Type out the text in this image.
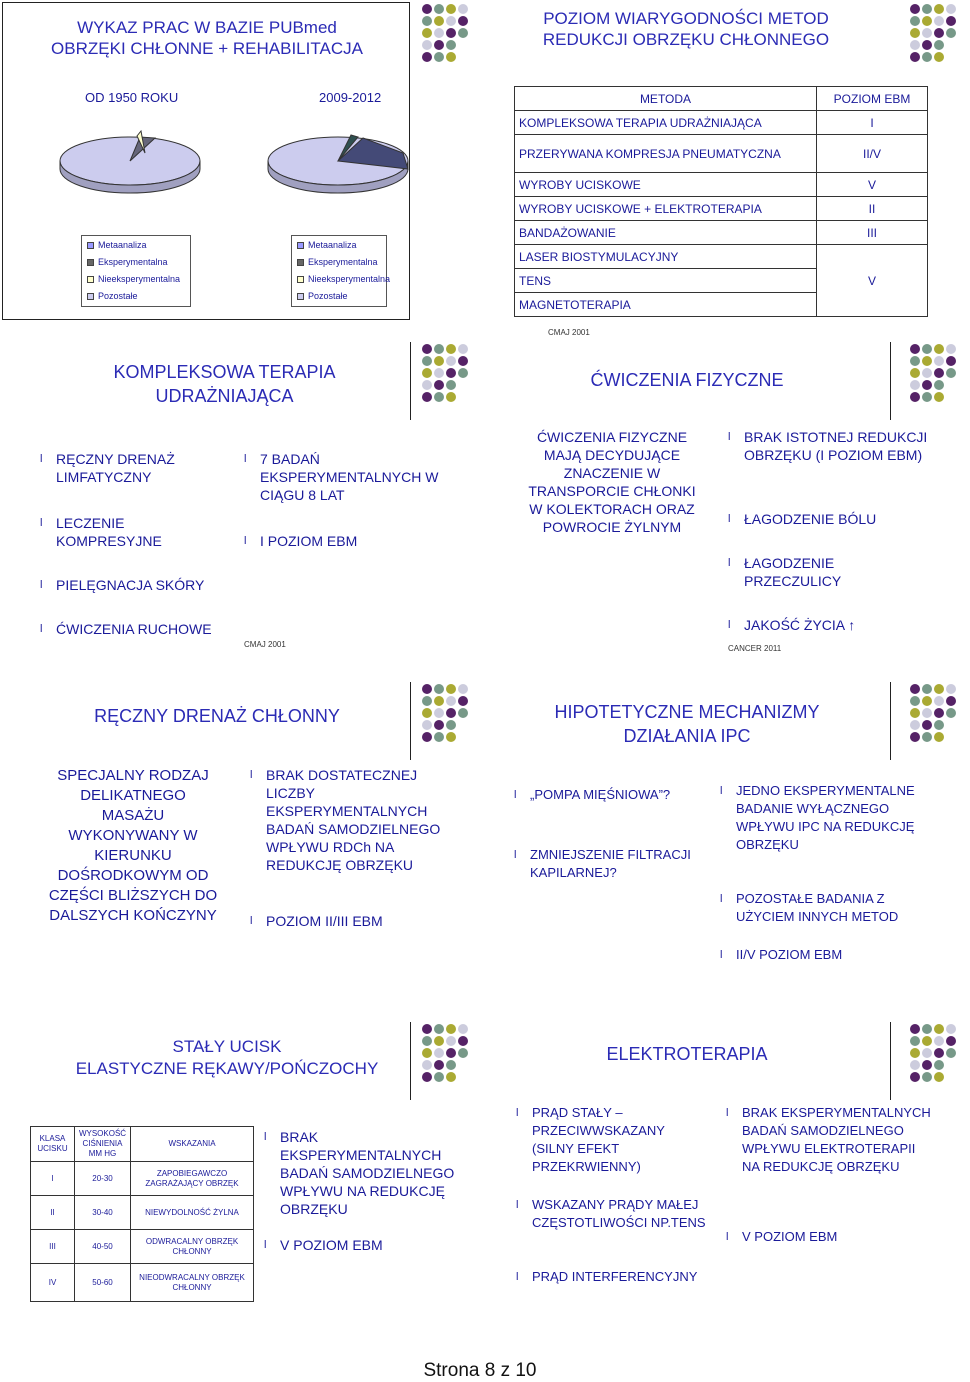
WYKAZ PRAC W BAZIE PUBmed
OBRZĘKI CHŁONNE + REHABILITACJA
OD 1950 ROKU	2009-2012
Metaanaliza
Eksperymentalna
Nieeksperymentalna
Pozostałe
Metaanaliza
Eksperymentalna
Nieeksperymentalna
Pozostałe
POZIOM WIARYGODNOŚCI METOD
REDUKCJI OBRZĘKU CHŁONNEGO
METODA	POZIOM EBM
KOMPLEKSOWA TERAPIA UDRAŻNIAJĄCA	I
PRZERYWANA KOMPRESJA PNEUMATYCZNA	II/V
WYROBY UCISKOWE	V
WYROBY UCISKOWE + ELEKTROTERAPIA	II
BANDAŻOWANIE	III
LASER BIOSTYMULACYJNY	V
TENS	
MAGNETOTERAPIA	
CMAJ 2001
KOMPLEKSOWA TERAPIA
UDRAŻNIAJĄCA
l RĘCZNY DRENAŻ LIMFATYCZNY
l LECZENIE KOMPRESYJNE
l PIELĘGNACJA SKÓRY
l ĆWICZENIA RUCHOWE
l 7 BADAŃ EKSPERYMENTALNYCH W CIĄGU 8 LAT
l I POZIOM EBM
CMAJ 2001
ĆWICZENIA FIZYCZNE
ĆWICZENIA FIZYCZNE MAJĄ DECYDUJĄCE ZNACZENIE W TRANSPORCIE CHŁONKI W KOLEKTORACH ORAZ POWROCIE ŻYLNYM
l BRAK ISTOTNEJ REDUKCJI OBRZĘKU (I POZIOM EBM)
l ŁAGODZENIE BÓLU
l ŁAGODZENIE PRZECZULICY
l JAKOŚĆ ŻYCIA ↑
CANCER 2011
RĘCZNY DRENAŻ CHŁONNY
SPECJALNY RODZAJ DELIKATNEGO MASAŻU WYKONYWANY W KIERUNKU DOŚRODKOWYM OD CZĘŚCI BLIŻSZYCH DO DALSZYCH KOŃCZYNY
l BRAK DOSTATECZNEJ LICZBY EKSPERYMENTALNYCH BADAŃ SAMODZIELNEGO WPŁYWU RDCh NA REDUKCJĘ OBRZĘKU
l POZIOM II/III EBM
HIPOTETYCZNE MECHANIZMY
DZIAŁANIA IPC
l „POMPA MIĘŚNIOWA”?
l ZMNIEJSZENIE FILTRACJI KAPILARNEJ?
l JEDNO EKSPERYMENTALNE BADANIE WYŁĄCZNEGO WPŁYWU IPC NA REDUKCJĘ OBRZĘKU
l POZOSTAŁE BADANIA Z UŻYCIEM INNYCH METOD
l II/V POZIOM EBM
STAŁY UCISK
ELASTYCZNE RĘKAWY/POŃCZOCHY
KLASA UCISKU	WYSOKOŚĆ CIŚNIENIA MM HG	WSKAZANIA
I	20-30	ZAPOBIEGAWCZO ZAGRAŻAJĄCY OBRZĘK
II	30-40	NIEWYDOLNOŚĆ ŻYLNA
III	40-50	ODWRACALNY OBRZĘK CHŁONNY
IV	50-60	NIEODWRACALNY OBRZĘK CHŁONNY
l BRAK EKSPERYMENTALNYCH BADAŃ SAMODZIELNEGO WPŁYWU NA REDUKCJĘ OBRZĘKU
l V POZIOM EBM
ELEKTROTERAPIA
l PRĄD STAŁY – PRZECIWWSKAZANY (SILNY EFEKT PRZEKRWIENNY)
l WSKAZANY PRĄDY MAŁEJ CZĘSTOTLIWOŚCI NP.TENS
l PRĄD INTERFERENCYJNY
l BRAK EKSPERYMENTALNYCH BADAŃ SAMODZIELNEGO WPŁYWU ELEKTROTERAPII NA REDUKCJĘ OBRZĘKU
l V POZIOM EBM
Strona 8 z 10
